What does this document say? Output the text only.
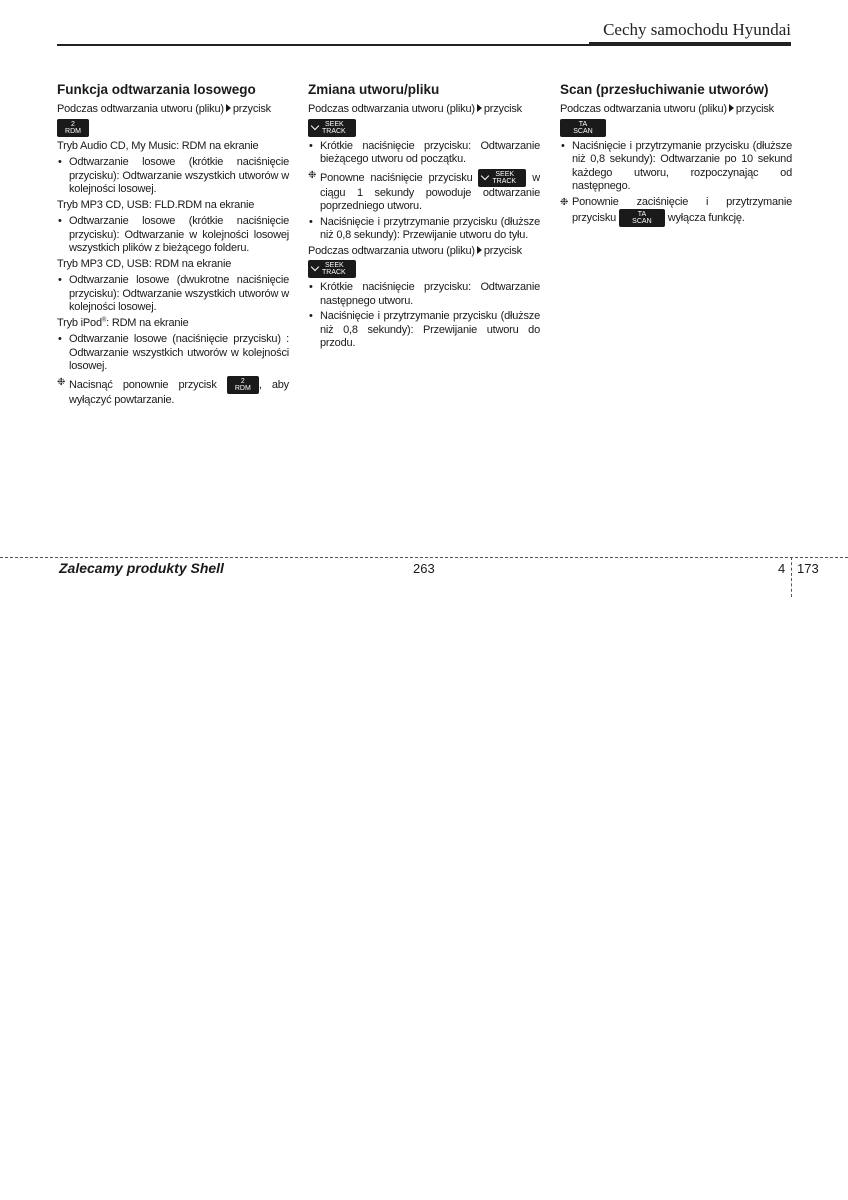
Cechy samochodu Hyundai
Funkcja odtwarzania losowego
Podczas odtwarzania utworu (pliku) przycisk
2
RDM
Tryb Audio CD, My Music: RDM na ekranie
• Odtwarzanie losowe (krótkie naciśnięcie przycisku): Odtwarzanie wszystkich utworów w kolejności losowej.
Tryb MP3 CD, USB: FLD.RDM na ekranie
• Odtwarzanie losowe (krótkie naciśnięcie przycisku): Odtwarzanie w kolejności losowej wszystkich plików z bieżącego folderu.
Tryb MP3 CD, USB: RDM na ekranie
• Odtwarzanie losowe (dwukrotne naciśnięcie przycisku): Odtwarzanie wszystkich utworów w kolejności losowej.
Tryb iPod®: RDM na ekranie
• Odtwarzanie losowe (naciśnięcie przycisku) : Odtwarzanie wszystkich utworów w kolejności losowej.
❉ Nacisnąć ponownie przycisk	2
RDM , aby wyłączyć powtarzanie.
Zmiana utworu/pliku
Podczas odtwarzania utworu (pliku) przycisk
SEEK
TRACK
• Krótkie naciśnięcie przycisku: Odtwarzanie bieżącego utworu od początku.
❉ Ponowne naciśnięcie przycisku	SEEK
TRACK w ciągu 1 sekundy powoduje odtwarzanie poprzedniego utworu.
• Naciśnięcie i przytrzymanie przycisku (dłuższe niż 0,8 sekundy): Przewijanie utworu do tyłu.
Podczas odtwarzania utworu (pliku) przycisk
SEEK
TRACK
• Krótkie naciśnięcie przycisku: Odtwarzanie następnego utworu.
• Naciśnięcie i przytrzymanie przycisku (dłuższe niż 0,8 sekundy): Przewijanie utworu do przodu.
Scan (przesłuchiwanie utworów)
Podczas odtwarzania utworu (pliku) przycisk
TA
SCAN
• Naciśnięcie i przytrzymanie przycisku (dłuższe niż 0,8 sekundy): Odtwarzanie po 10 sekund każdego utworu, rozpoczynając od następnego.
❉ Ponownie zaciśnięcie i przytrzymanie przycisku	TA
SCAN	wyłącza funkcję.
Zalecamy produkty Shell	263	4 173
